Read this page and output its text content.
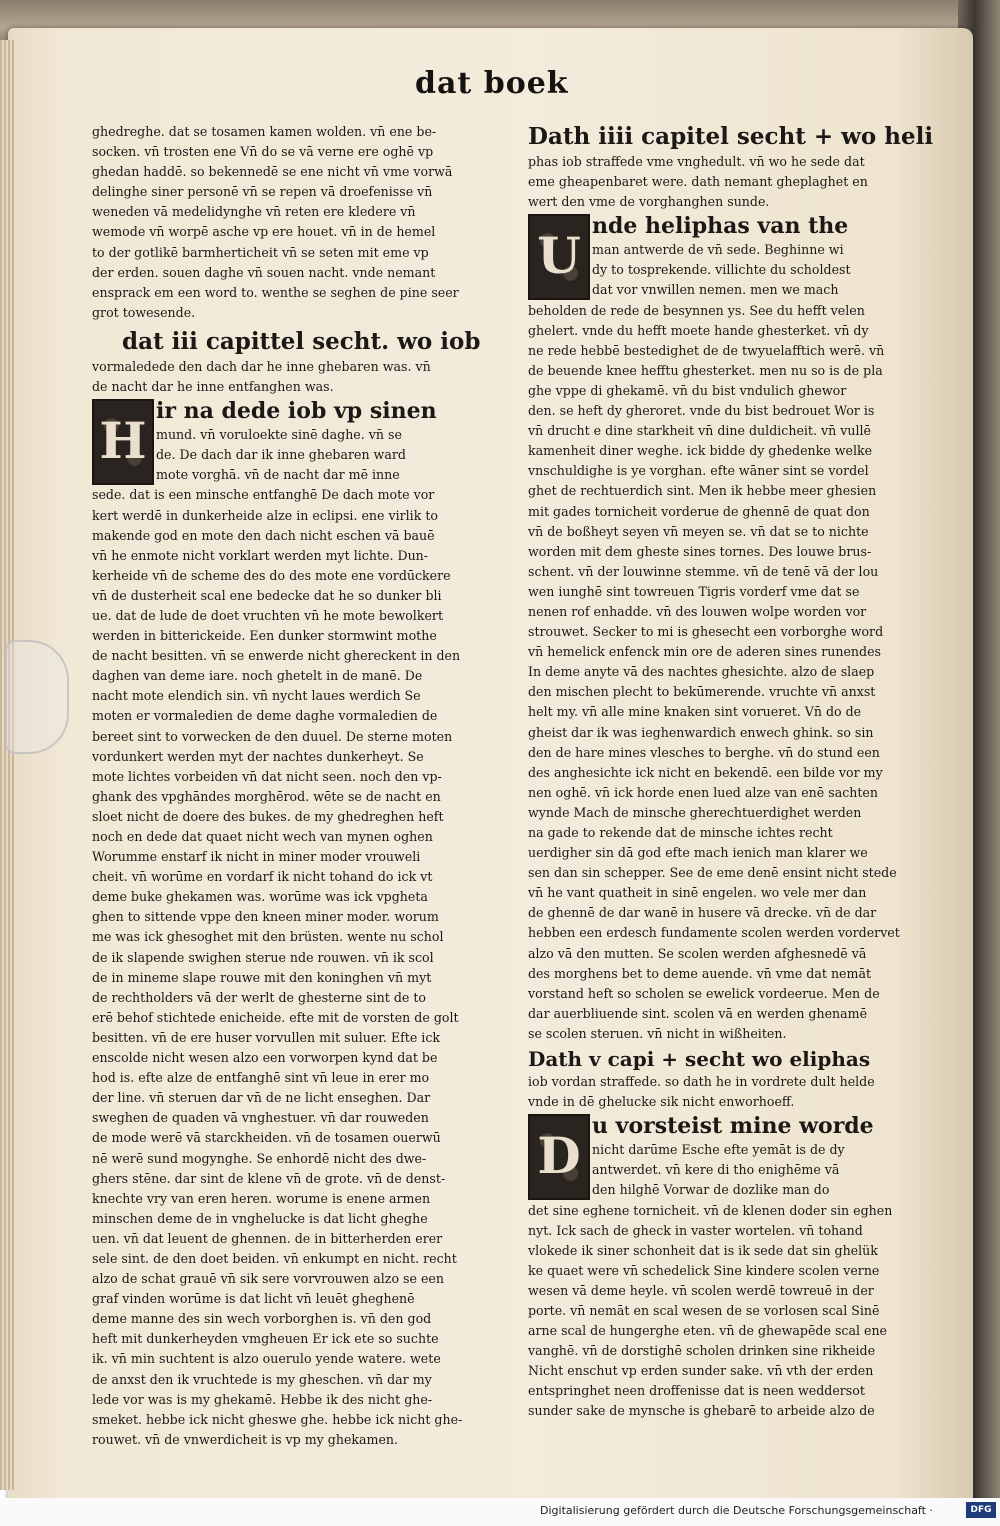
dat boek
ghedreghe. dat se tosamen kamen wolden. vn̄ ene be-
socken. vn̄ trosten ene Vn̄ do se vā verne ere oghē vp
ghedan haddē. so bekennedē se ene nicht vn̄ vme vorwā
delinghe siner personē vn̄ se repen vā droefenisse vn̄
weneden vā medelidynghe vn̄ reten ere kledere vn̄
wemode vn̄ worpē asche vp ere houet. vn̄ in de hemel
to der gotlikē barmherticheit vn̄ se seten mit eme vp
der erden. souen daghe vn̄ souen nacht. vnde nemant
ensprack em een word to. wenthe se seghen de pine seer
grot towesende.
dat iii capittel secht. wo iob
vormaledede den dach dar he inne ghebaren was. vn̄
de nacht dar he inne entfanghen was.
H ir na dede iob vp sinen
mund. vn̄ voruloekte sinē daghe. vn̄ se
de. De dach dar ik inne ghebaren ward
mote vorghā. vn̄ de nacht dar mē inne
sede. dat is een minsche entfanghē De dach mote vor
kert werdē in dunkerheide alze in eclipsi. ene virlik to
makende god en mote den dach nicht eschen vā bauē
vn̄ he enmote nicht vorklart werden myt lichte. Dun-
kerheide vn̄ de scheme des do des mote ene vordūckere
vn̄ de dusterheit scal ene bedecke dat he so dunker bli
ue. dat de lude de doet vruchten vn̄ he mote bewolkert
werden in bitterickeide. Een dunker stormwint mothe
de nacht besitten. vn̄ se enwerde nicht ghereckent in den
daghen van deme iare. noch ghetelt in de manē. De
nacht mote elendich sin. vn̄ nycht laues werdich Se
moten er vormaledien de deme daghe vormaledien de
bereet sint to vorwecken de den duuel. De sterne moten
vordunkert werden myt der nachtes dunkerheyt. Se
mote lichtes vorbeiden vn̄ dat nicht seen. noch den vp-
ghank des vpghāndes morghērod. wēte se de nacht en
sloet nicht de doere des bukes. de my ghedreghen heft
noch en dede dat quaet nicht wech van mynen oghen
Worumme enstarf ik nicht in miner moder vrouweli
cheit. vn̄ worūme en vordarf ik nicht tohand do ick vt
deme buke ghekamen was. worūme was ick vpgheta
ghen to sittende vppe den kneen miner moder. worum
me was ick ghesoghet mit den brüsten. wente nu schol
de ik slapende swighen sterue nde rouwen. vn̄ ik scol
de in mineme slape rouwe mit den koninghen vn̄ myt
de rechtholders vā der werlt de ghesterne sint de to
erē behof stichtede enicheide. efte mit de vorsten de golt
besitten. vn̄ de ere huser vorvullen mit suluer. Efte ick
enscolde nicht wesen alzo een vorworpen kynd dat be
hod is. efte alze de entfanghē sint vn̄ leue in erer mo
der line. vn̄ steruen dar vn̄ de ne licht enseghen. Dar
sweghen de quaden vā vnghestuer. vn̄ dar rouweden
de mode werē vā starckheiden. vn̄ de tosamen ouerwū
nē werē sund mogynghe. Se enhordē nicht des dwe-
ghers stēne. dar sint de klene vn̄ de grote. vn̄ de denst-
knechte vry van eren heren. worume is enene armen
minschen deme de in vnghelucke is dat licht gheghe
uen. vn̄ dat leuent de ghennen. de in bitterherden erer
sele sint. de den doet beiden. vn̄ enkumpt en nicht. recht
alzo de schat grauē vn̄ sik sere vorvrouwen alzo se een
graf vinden worūme is dat licht vn̄ leuēt gheghenē
deme manne des sin wech vorborghen is. vn̄ den god
heft mit dunkerheyden vmgheuen Er ick ete so suchte
ik. vn̄ min suchtent is alzo ouerulo yende watere. wete
de anxst den ik vruchtede is my gheschen. vn̄ dar my
lede vor was is my ghekamē. Hebbe ik des nicht ghe-
smeket. hebbe ick nicht gheswe ghe. hebbe ick nicht ghe-
rouwet. vn̄ de vnwerdicheit is vp my ghekamen.
Dath iiii capitel secht + wo heli
phas iob straffede vme vnghedult. vn̄ wo he sede dat
eme gheapenbaret were. dath nemant gheplaghet en
wert den vme de vorghanghen sunde.
U nde heliphas van the
man antwerde de vn̄ sede. Beghinne wi
dy to tosprekende. villichte du scholdest
dat vor vnwillen nemen. men we mach
beholden de rede de besynnen ys. See du hefft velen
ghelert. vnde du hefft moete hande ghesterket. vn̄ dy
ne rede hebbē bestedighet de de twyuelafftich werē. vn̄
de beuende knee hefftu ghesterket. men nu so is de pla
ghe vppe di ghekamē. vn̄ du bist vndulich ghewor
den. se heft dy gheroret. vnde du bist bedrouet Wor is
vn̄ drucht e dine starkheit vn̄ dine duldicheit. vn̄ vullē
kamenheit diner weghe. ick bidde dy ghedenke welke
vnschuldighe is ye vorghan. efte wāner sint se vordel
ghet de rechtuerdich sint. Men ik hebbe meer ghesien
mit gades tornicheit vorderue de ghennē de quat don
vn̄ de boßheyt seyen vn̄ meyen se. vn̄ dat se to nichte
worden mit dem gheste sines tornes. Des louwe brus-
schent. vn̄ der louwinne stemme. vn̄ de tenē vā der lou
wen iunghē sint towreuen Tigris vorderf vme dat se
nenen rof enhadde. vn̄ des louwen wolpe worden vor
strouwet. Secker to mi is ghesecht een vorborghe word
vn̄ hemelick enfenck min ore de aderen sines runendes
In deme anyte vā des nachtes ghesichte. alzo de slaep
den mischen plecht to bekūmerende. vruchte vn̄ anxst
helt my. vn̄ alle mine knaken sint vorueret. Vn̄ do de
gheist dar ik was ieghenwardich enwech ghink. so sin
den de hare mines vlesches to berghe. vn̄ do stund een
des anghesichte ick nicht en bekendē. een bilde vor my
nen oghē. vn̄ ick horde enen lued alze van enē sachten
wynde Mach de minsche gherechtuerdighet werden
na gade to rekende dat de minsche ichtes recht
uerdigher sin dā god efte mach ienich man klarer we
sen dan sin schepper. See de eme denē ensint nicht stede
vn̄ he vant quatheit in sinē engelen. wo vele mer dan
de ghennē de dar wanē in husere vā drecke. vn̄ de dar
hebben een erdesch fundamente scolen werden vordervet
alzo vā den mutten. Se scolen werden afghesnedē vā
des morghens bet to deme auende. vn̄ vme dat nemāt
vorstand heft so scholen se ewelick vordeerue. Men de
dar auerbliuende sint. scolen vā en werden ghenamē
se scolen steruen. vn̄ nicht in wißheiten.
Dath v capi + secht wo eliphas
iob vordan straffede. so dath he in vordrete dult helde
vnde in dē ghelucke sik nicht enworhoeff.
D u vorsteist mine worde
nicht darūme Esche efte yemāt is de dy
antwerdet. vn̄ kere di tho enighēme vā
den hilghē Vorwar de dozlike man do
det sine eghene tornicheit. vn̄ de klenen doder sin eghen
nyt. Ick sach de gheck in vaster wortelen. vn̄ tohand
vlokede ik siner schonheit dat is ik sede dat sin ghelük
ke quaet were vn̄ schedelick Sine kindere scolen verne
wesen vā deme heyle. vn̄ scolen werdē towreuē in der
porte. vn̄ nemāt en scal wesen de se vorlosen scal Sinē
arne scal de hungerghe eten. vn̄ de ghewapēde scal ene
vanghē. vn̄ de dorstighē scholen drinken sine rikheide
Nicht enschut vp erden sunder sake. vn̄ vth der erden
entspringhet neen droffenisse dat is neen weddersot
sunder sake de mynsche is ghebarē to arbeide alzo de
Digitalisierung gefördert durch die Deutsche Forschungsgemeinschaft ·	DFG
